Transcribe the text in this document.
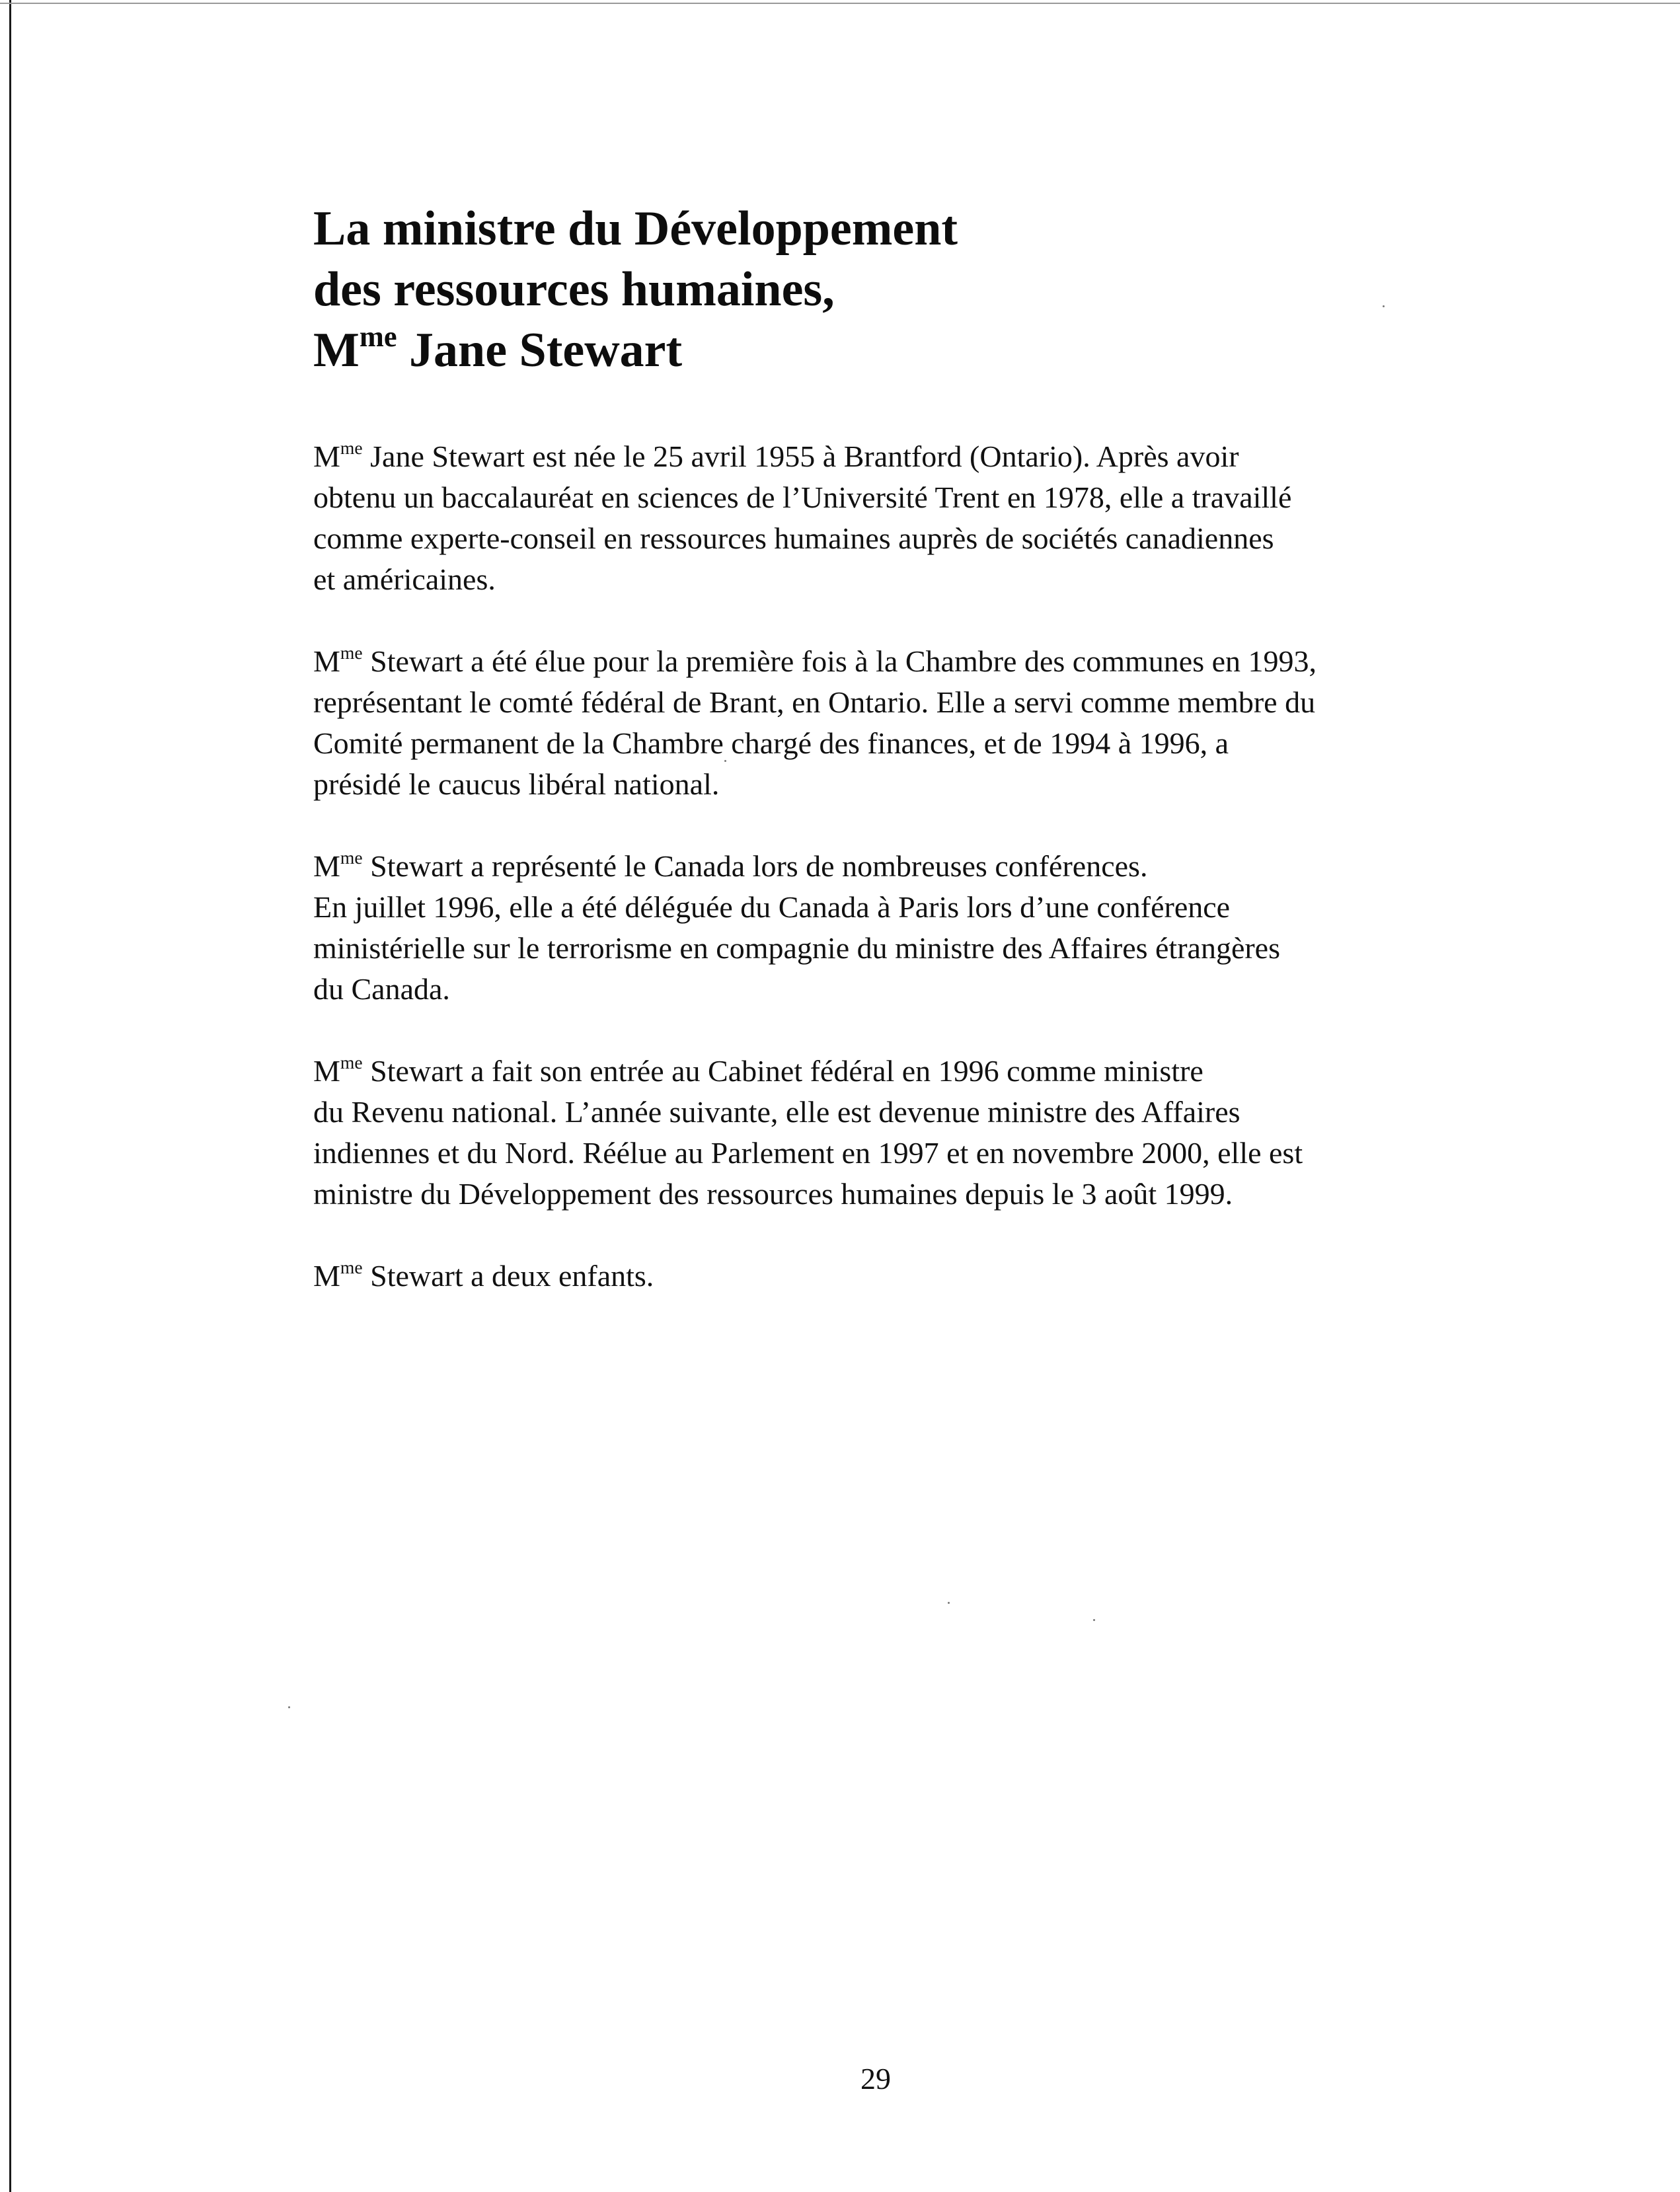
La ministre du Développement
des ressources humaines,
$M^{me}$ Jane Stewart

$M^{me}$ Jane Stewart est née le 25 avril 1955 à Brantford (Ontario). Après avoir
obtenu un baccalauréat en sciences de l’Université Trent en 1978, elle a travaillé
comme experte-conseil en ressources humaines auprès de sociétés canadiennes
et américaines.

$M^{me}$ Stewart a été élue pour la première fois à la Chambre des communes en 1993,
représentant le comté fédéral de Brant, en Ontario. Elle a servi comme membre du
Comité permanent de la Chambre chargé des finances, et de 1994 à 1996, a
présidé le caucus libéral national.

$M^{me}$ Stewart a représenté le Canada lors de nombreuses conférences.
En juillet 1996, elle a été déléguée du Canada à Paris lors d’une conférence
ministérielle sur le terrorisme en compagnie du ministre des Affaires étrangères
du Canada.

$M^{me}$ Stewart a fait son entrée au Cabinet fédéral en 1996 comme ministre
du Revenu national. L’année suivante, elle est devenue ministre des Affaires
indiennes et du Nord. Réélue au Parlement en 1997 et en novembre 2000, elle est
ministre du Développement des ressources humaines depuis le 3 août 1999.

$M^{me}$ Stewart a deux enfants.

29
